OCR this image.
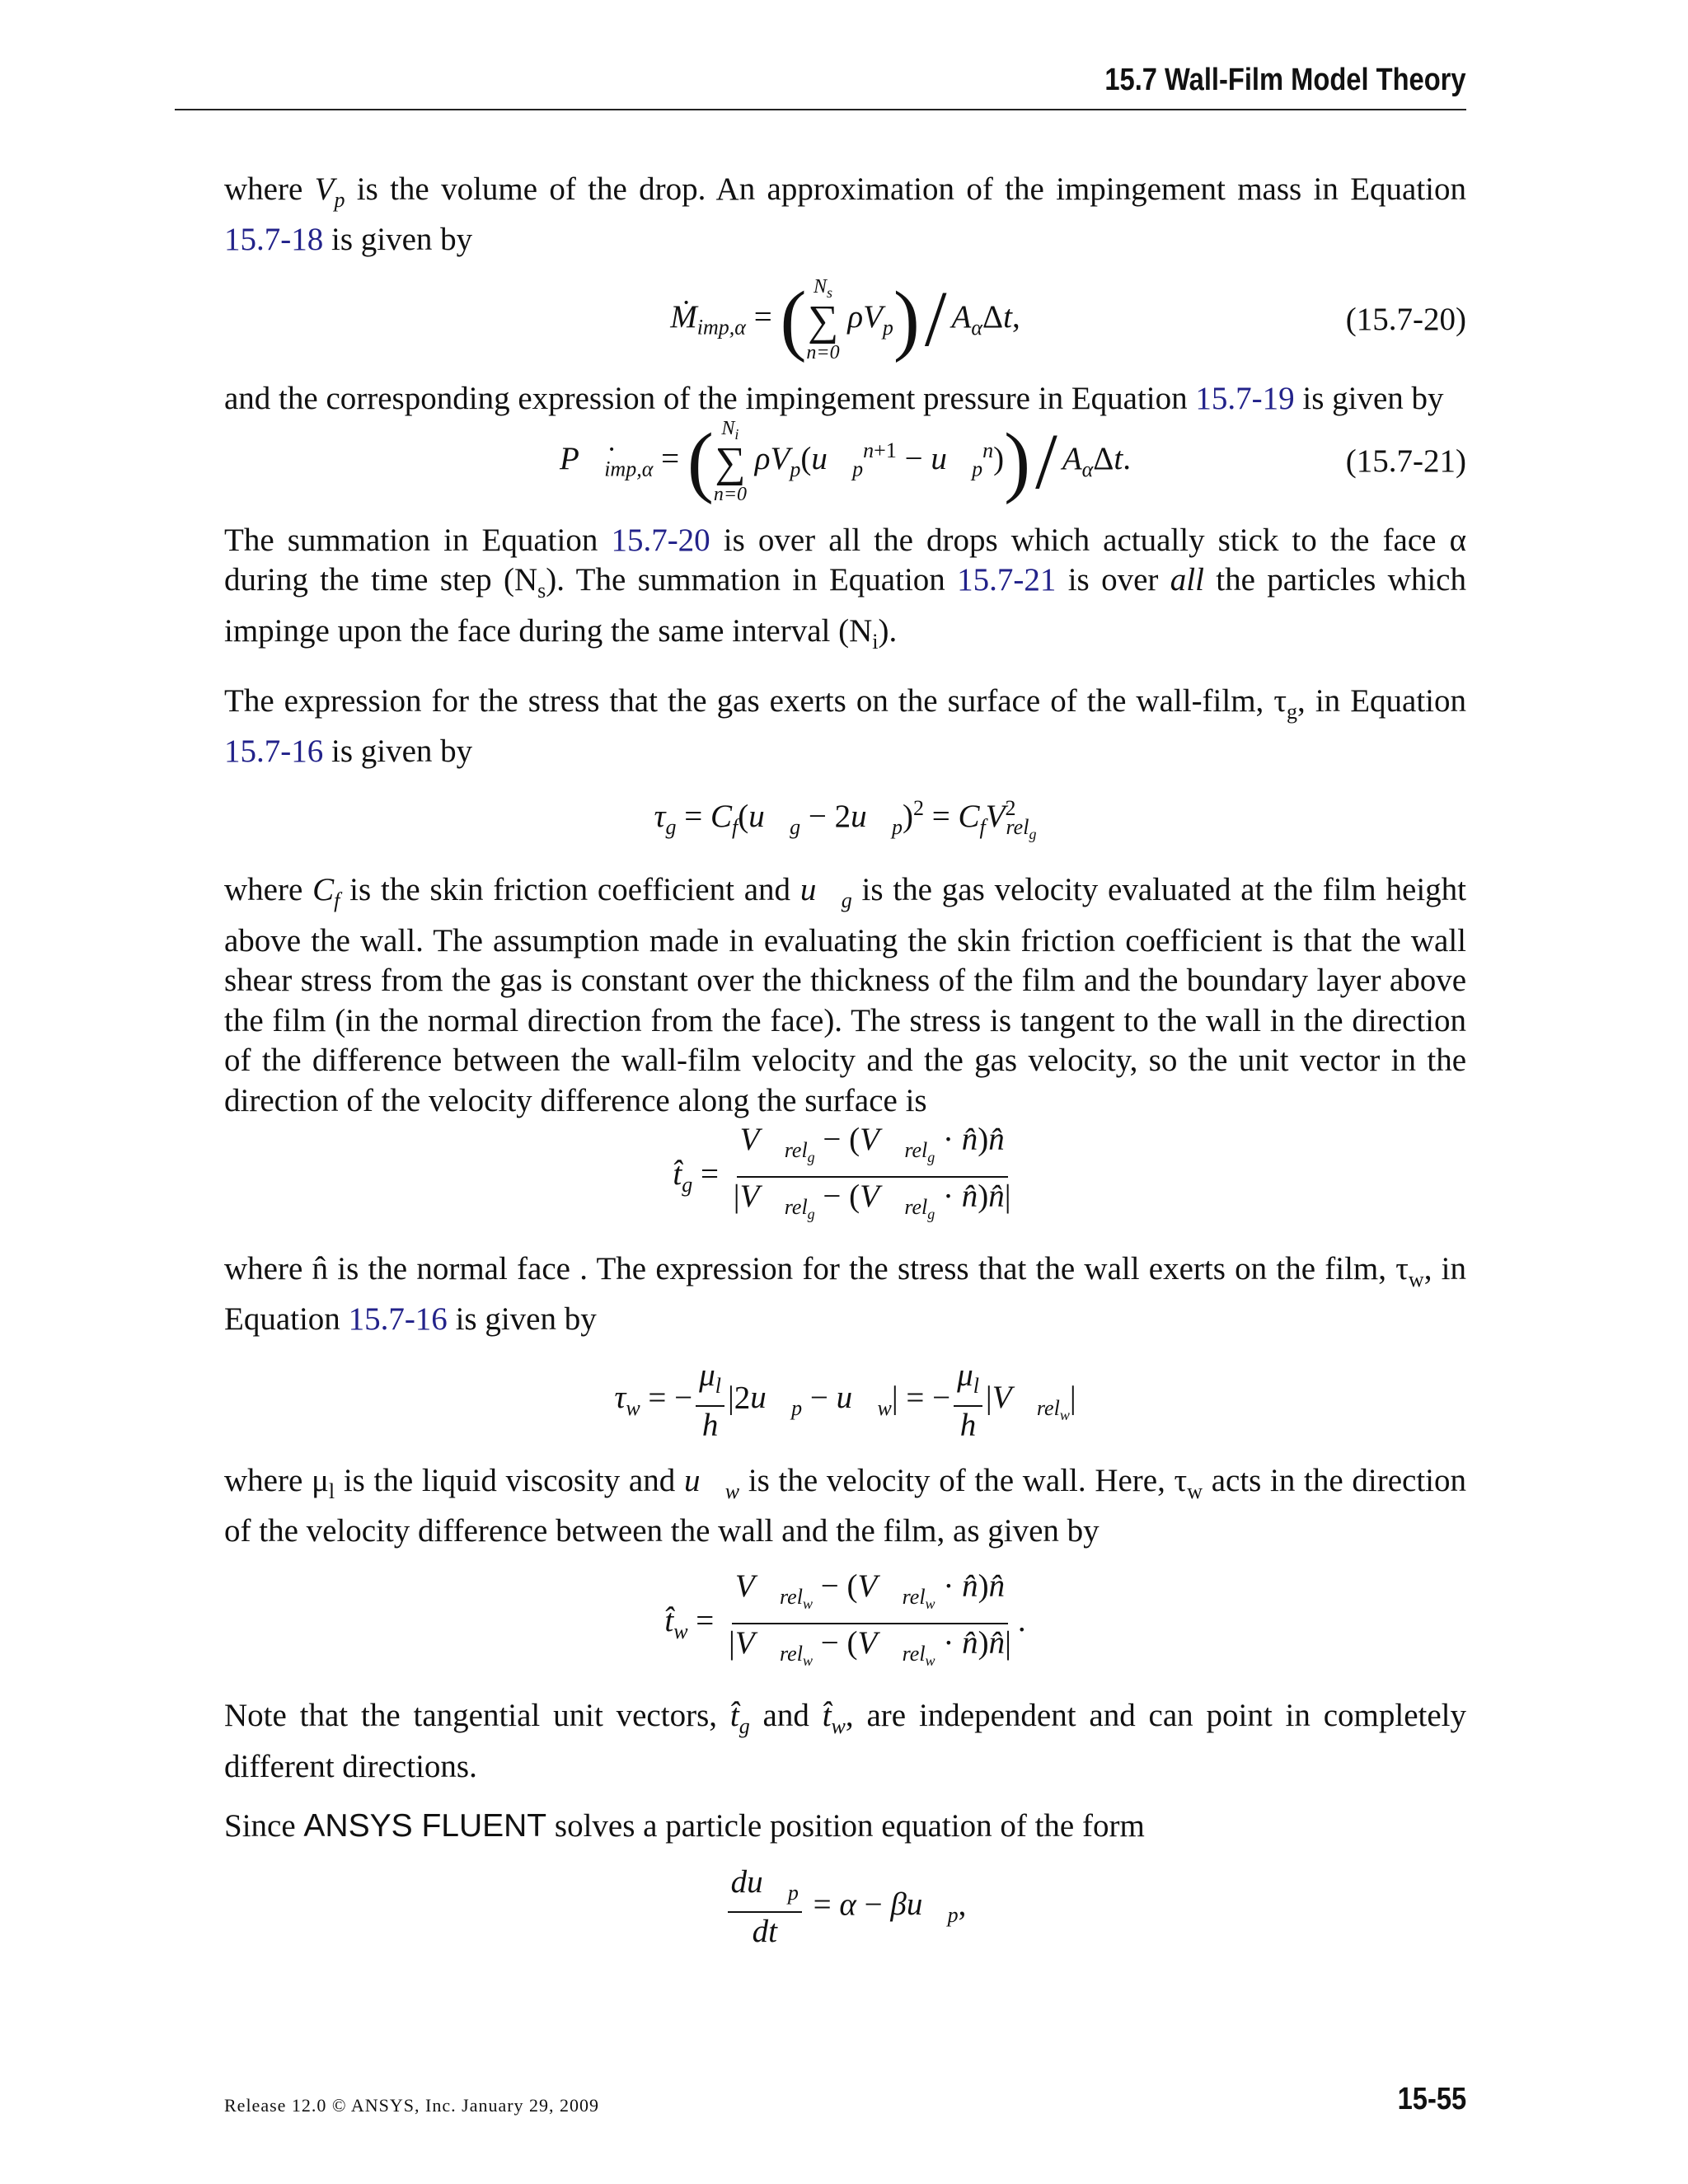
15.7 Wall-Film Model Theory

where $V_p$ is the volume of the drop. An approximation of the impingement mass in Equation 15.7-18 is given by

Ṁ$_{imp,\alpha}$ = ( $N_s$
∑
n=0
$\rho V_p)/$ $A_\alpha\Delta t$,	(15.7-20)

and the corresponding expression of the impingement pressure in Equation 15.7-19 is given by

$P⃗̇_{imp,\alpha}$ = ( $N_i$
∑
n=0
$\rho V_p(u⃗_p^{n+1}$ − $u⃗_p^n))/$ $A_\alpha\Delta t$.	(15.7-21)

The summation in Equation 15.7-20 is over all the drops which actually stick to the face α during the time step $(N_s)$. The summation in Equation 15.7-21 is over all the particles which impinge upon the face during the same interval $(N_i)$.

The expression for the stress that the gas exerts on the surface of the wall-film, $\tau_g$, in Equation 15.7-16 is given by

$\tau_g$ = $C_f(u⃗_g$ − $2u⃗_p)^2 = C_fV^2_{rel_g}$

where $C_f$ is the skin friction coefficient and $u⃗_g$ is the gas velocity evaluated at the film height above the wall. The assumption made in evaluating the skin friction coefficient is that the wall shear stress from the gas is constant over the thickness of the film and the boundary layer above the film (in the normal direction from the face). The stress is tangent to the wall in the direction of the difference between the wall-film velocity and the gas velocity, so the unit vector in the direction of the velocity difference along the surface is

$t̂_g = \frac{V⃗_{rel_g} - (V⃗_{rel_g} \cdot n̂)n̂}{|V⃗_{rel_g} - (V⃗_{rel_g} \cdot n̂)n̂|}$

where n̂ is the normal face . The expression for the stress that the wall exerts on the film, $\tau_w$, in Equation 15.7-16 is given by

$\tau_w$ = − $\frac{\mu_l}{h}$ $|2u⃗_p$ − $u⃗_w|$ = − $\frac{\mu_l}{h}$ $|V⃗_{rel_w}|$

where $\mu_l$ is the liquid viscosity and $u⃗_w$ is the velocity of the wall. Here, $\tau_w$ acts in the direction of the velocity difference between the wall and the film, as given by

$t̂_w = \frac{V⃗_{rel_w} - (V⃗_{rel_w} \cdot n̂)n̂}{|V⃗_{rel_w} - (V⃗_{rel_w} \cdot n̂)n̂|}$ .

Note that the tangential unit vectors, $t̂_g$ and $t̂_w$, are independent and can point in completely different directions.

Since ANSYS FLUENT solves a particle position equation of the form

$\frac{du⃗_p}{dt} = \alpha$ − $\beta u⃗_p$,
Release 12.0 © ANSYS, Inc. January 29, 2009	15-55
